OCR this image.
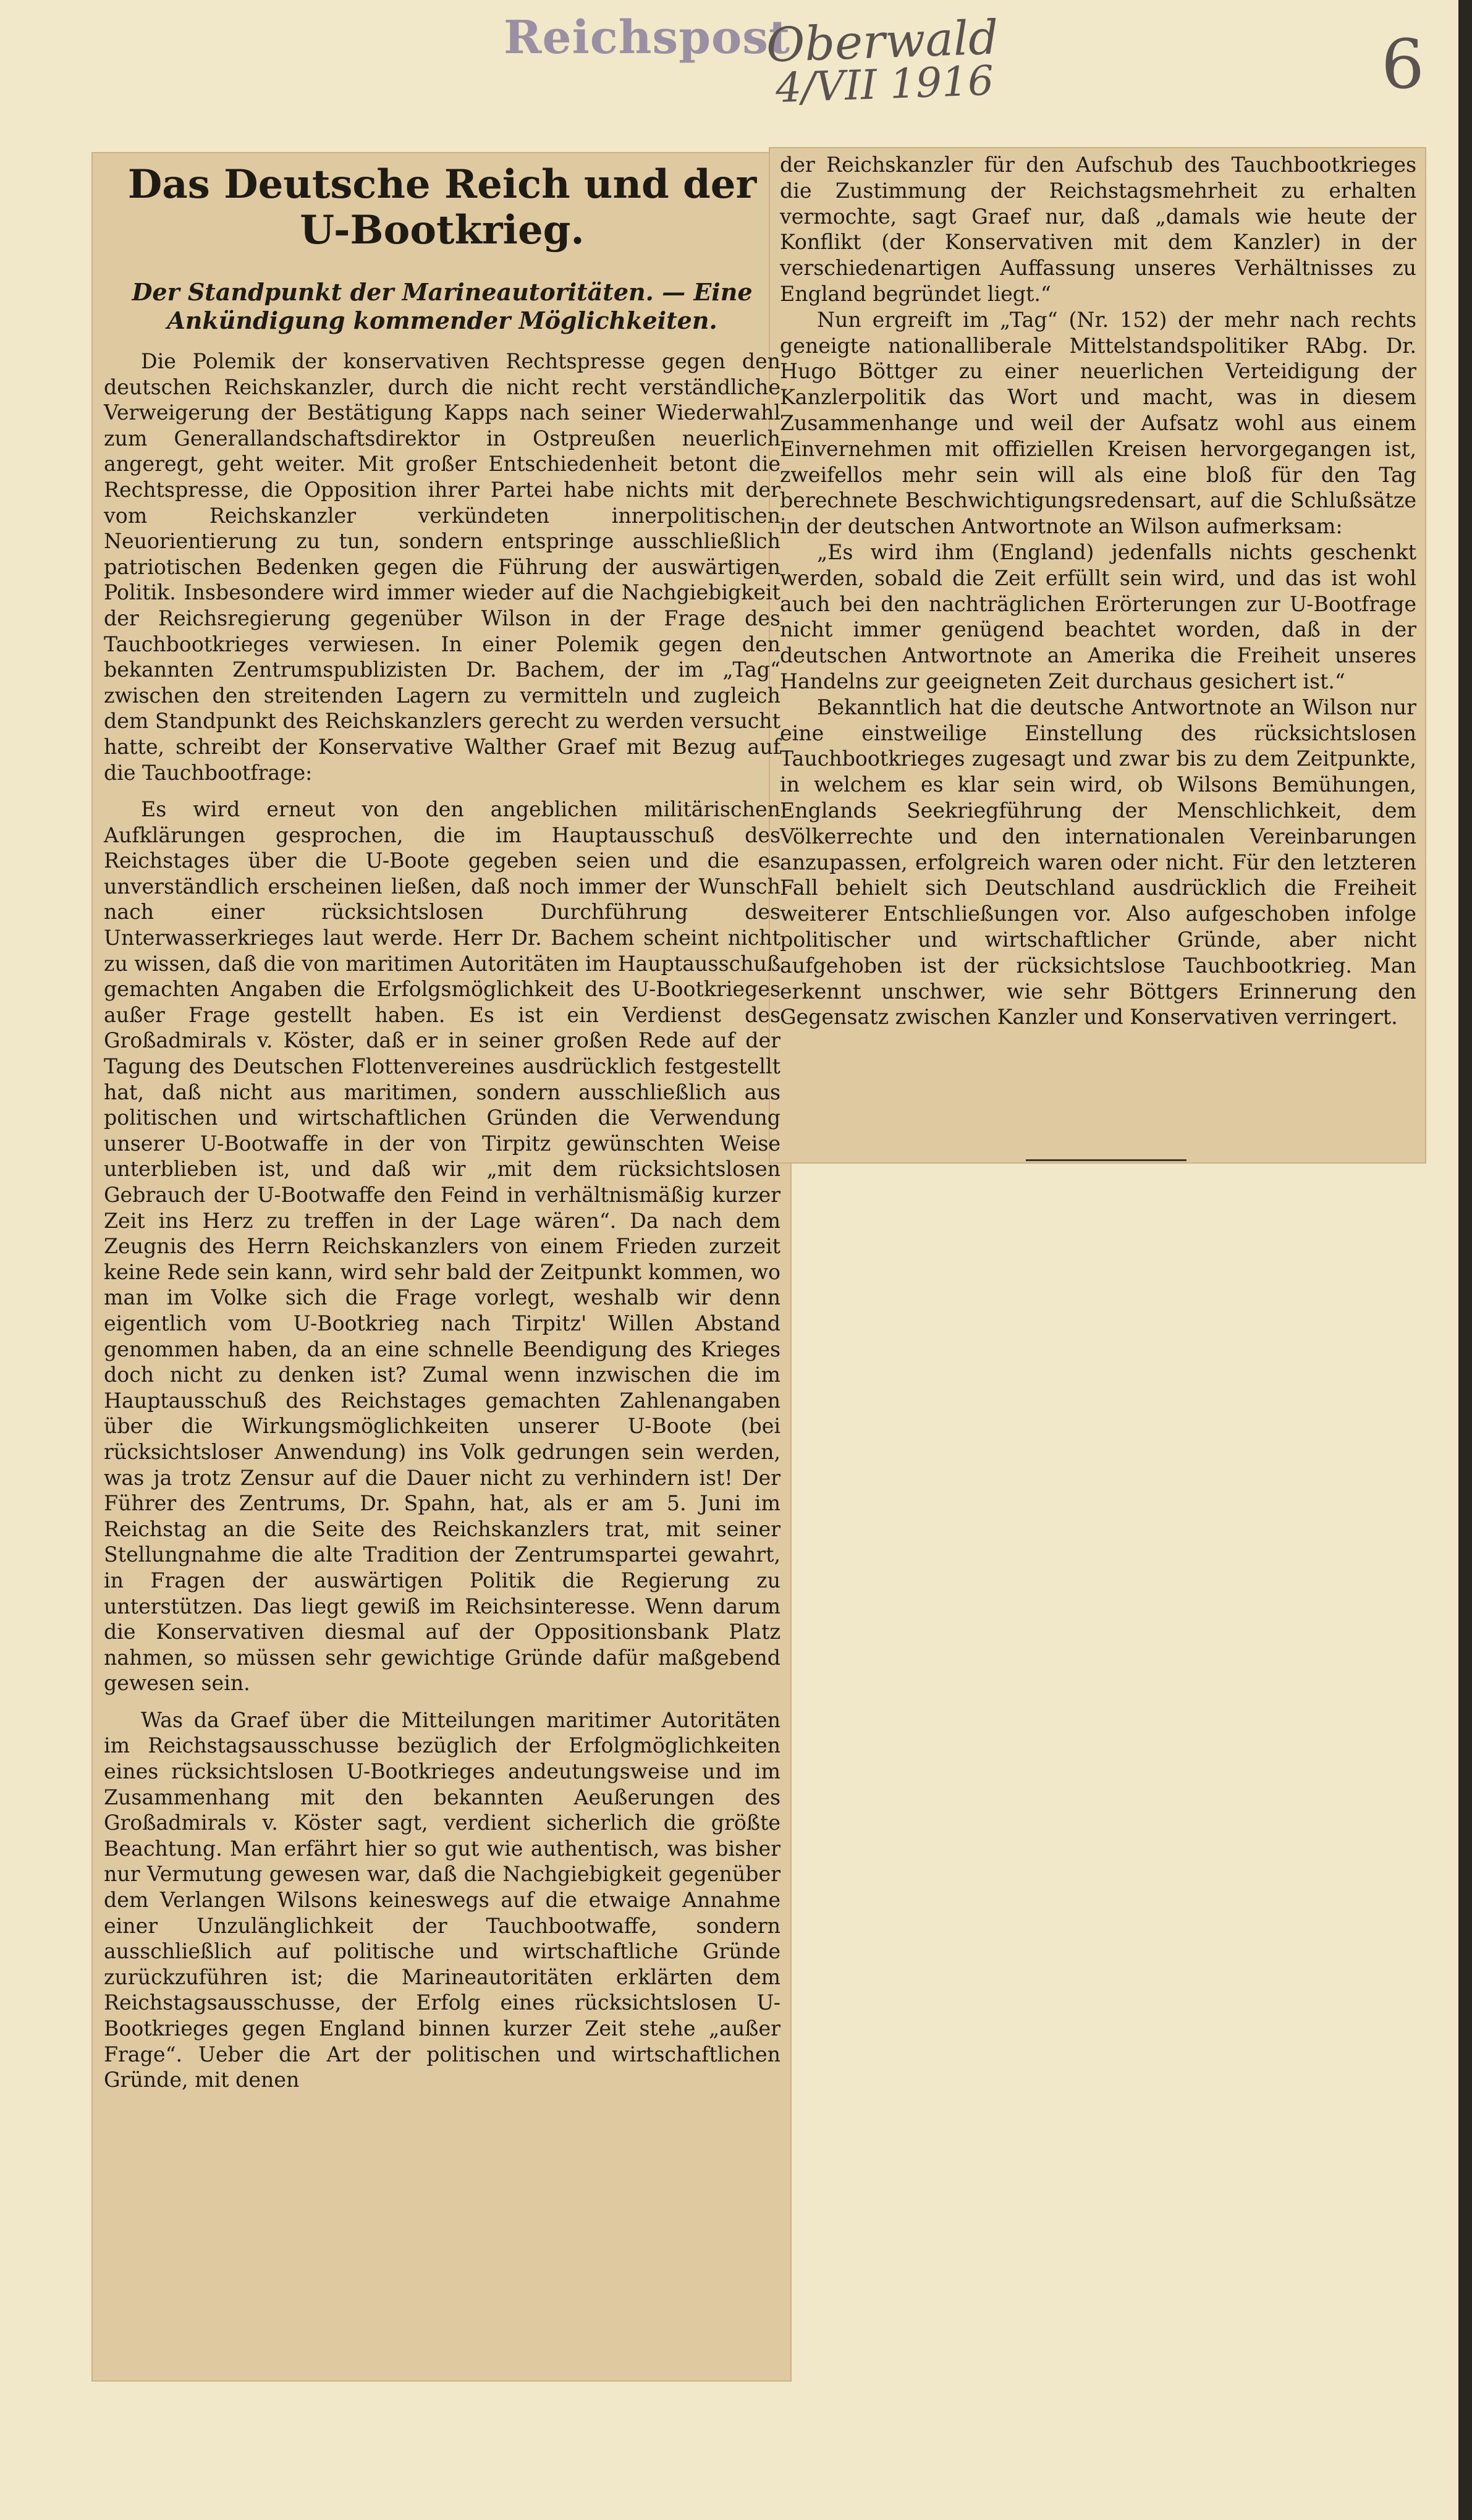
Reichspost
Oberwald
4/VII 1916	6
Das Deutsche Reich und der U-Bootkrieg.
Der Standpunkt der Marineautoritäten. — Eine Ankündigung kommender Möglichkeiten.

Die Polemik der konservativen Rechtspresse gegen den deutschen Reichskanzler, durch die nicht recht verständliche Verweigerung der Bestätigung Kapps nach seiner Wiederwahl zum Generallandschaftsdirektor in Ostpreußen neuerlich angeregt, geht weiter. Mit großer Entschiedenheit betont die Rechtspresse, die Opposition ihrer Partei habe nichts mit der vom Reichskanzler verkündeten innerpolitischen Neuorientierung zu tun, sondern entspringe ausschließlich patriotischen Bedenken gegen die Führung der auswärtigen Politik. Insbesondere wird immer wieder auf die Nachgiebigkeit der Reichsregierung gegenüber Wilson in der Frage des Tauchbootkrieges verwiesen. In einer Polemik gegen den bekannten Zentrumspublizisten Dr. Bachem, der im „Tag“ zwischen den streitenden Lagern zu vermitteln und zugleich dem Standpunkt des Reichskanzlers gerecht zu werden versucht hatte, schreibt der Konservative Walther Graef mit Bezug auf die Tauchbootfrage:

Es wird erneut von den angeblichen militärischen Aufklärungen gesprochen, die im Hauptausschuß des Reichstages über die U-Boote gegeben seien und die es unverständlich erscheinen ließen, daß noch immer der Wunsch nach einer rücksichtslosen Durchführung des Unterwasserkrieges laut werde. Herr Dr. Bachem scheint nicht zu wissen, daß die von maritimen Autoritäten im Hauptausschuß gemachten Angaben die Erfolgsmöglichkeit des U-Bootkrieges außer Frage gestellt haben. Es ist ein Verdienst des Großadmirals v. Köster, daß er in seiner großen Rede auf der Tagung des Deutschen Flottenvereines ausdrücklich festgestellt hat, daß nicht aus maritimen, sondern ausschließlich aus politischen und wirtschaftlichen Gründen die Verwendung unserer U-Bootwaffe in der von Tirpitz gewünschten Weise unterblieben ist, und daß wir „mit dem rücksichtslosen Gebrauch der U-Bootwaffe den Feind in verhältnismäßig kurzer Zeit ins Herz zu treffen in der Lage wären“. Da nach dem Zeugnis des Herrn Reichskanzlers von einem Frieden zurzeit keine Rede sein kann, wird sehr bald der Zeitpunkt kommen, wo man im Volke sich die Frage vorlegt, weshalb wir denn eigentlich vom U-Bootkrieg nach Tirpitz' Willen Abstand genommen haben, da an eine schnelle Beendigung des Krieges doch nicht zu denken ist? Zumal wenn inzwischen die im Hauptausschuß des Reichstages gemachten Zahlenangaben über die Wirkungsmöglichkeiten unserer U-Boote (bei rücksichtsloser Anwendung) ins Volk gedrungen sein werden, was ja trotz Zensur auf die Dauer nicht zu verhindern ist! Der Führer des Zentrums, Dr. Spahn, hat, als er am 5. Juni im Reichstag an die Seite des Reichskanzlers trat, mit seiner Stellungnahme die alte Tradition der Zentrumspartei gewahrt, in Fragen der auswärtigen Politik die Regierung zu unterstützen. Das liegt gewiß im Reichsinteresse. Wenn darum die Konservativen diesmal auf der Oppositionsbank Platz nahmen, so müssen sehr gewichtige Gründe dafür maßgebend gewesen sein.

Was da Graef über die Mitteilungen maritimer Autoritäten im Reichstagsausschusse bezüglich der Erfolgmöglichkeiten eines rücksichtslosen U-Bootkrieges andeutungsweise und im Zusammenhang mit den bekannten Aeußerungen des Großadmirals v. Köster sagt, verdient sicherlich die größte Beachtung. Man erfährt hier so gut wie authentisch, was bisher nur Vermutung gewesen war, daß die Nachgiebigkeit gegenüber dem Verlangen Wilsons keineswegs auf die etwaige Annahme einer Unzulänglichkeit der Tauchbootwaffe, sondern ausschließlich auf politische und wirtschaftliche Gründe zurückzuführen ist; die Marineautoritäten erklärten dem Reichstagsausschusse, der Erfolg eines rücksichtslosen U-Bootkrieges gegen England binnen kurzer Zeit stehe „außer Frage“. Ueber die Art der politischen und wirtschaftlichen Gründe, mit denen

der Reichskanzler für den Aufschub des Tauchbootkrieges die Zustimmung der Reichstagsmehrheit zu erhalten vermochte, sagt Graef nur, daß „damals wie heute der Konflikt (der Konservativen mit dem Kanzler) in der verschiedenartigen Auffassung unseres Verhältnisses zu England begründet liegt.“

Nun ergreift im „Tag“ (Nr. 152) der mehr nach rechts geneigte nationalliberale Mittelstandspolitiker RAbg. Dr. Hugo Böttger zu einer neuerlichen Verteidigung der Kanzlerpolitik das Wort und macht, was in diesem Zusammenhange und weil der Aufsatz wohl aus einem Einvernehmen mit offiziellen Kreisen hervorgegangen ist, zweifellos mehr sein will als eine bloß für den Tag berechnete Beschwichtigungsredensart, auf die Schlußsätze in der deutschen Antwortnote an Wilson aufmerksam:

„Es wird ihm (England) jedenfalls nichts geschenkt werden, sobald die Zeit erfüllt sein wird, und das ist wohl auch bei den nachträglichen Erörterungen zur U-Bootfrage nicht immer genügend beachtet worden, daß in der deutschen Antwortnote an Amerika die Freiheit unseres Handelns zur geeigneten Zeit durchaus gesichert ist.“

Bekanntlich hat die deutsche Antwortnote an Wilson nur eine einstweilige Einstellung des rücksichtslosen Tauchbootkrieges zugesagt und zwar bis zu dem Zeitpunkte, in welchem es klar sein wird, ob Wilsons Bemühungen, Englands Seekriegführung der Menschlichkeit, dem Völkerrechte und den internationalen Vereinbarungen anzupassen, erfolgreich waren oder nicht. Für den letzteren Fall behielt sich Deutschland ausdrücklich die Freiheit weiterer Entschließungen vor. Also aufgeschoben infolge politischer und wirtschaftlicher Gründe, aber nicht aufgehoben ist der rücksichtslose Tauchbootkrieg. Man erkennt unschwer, wie sehr Böttgers Erinnerung den Gegensatz zwischen Kanzler und Konservativen verringert.
